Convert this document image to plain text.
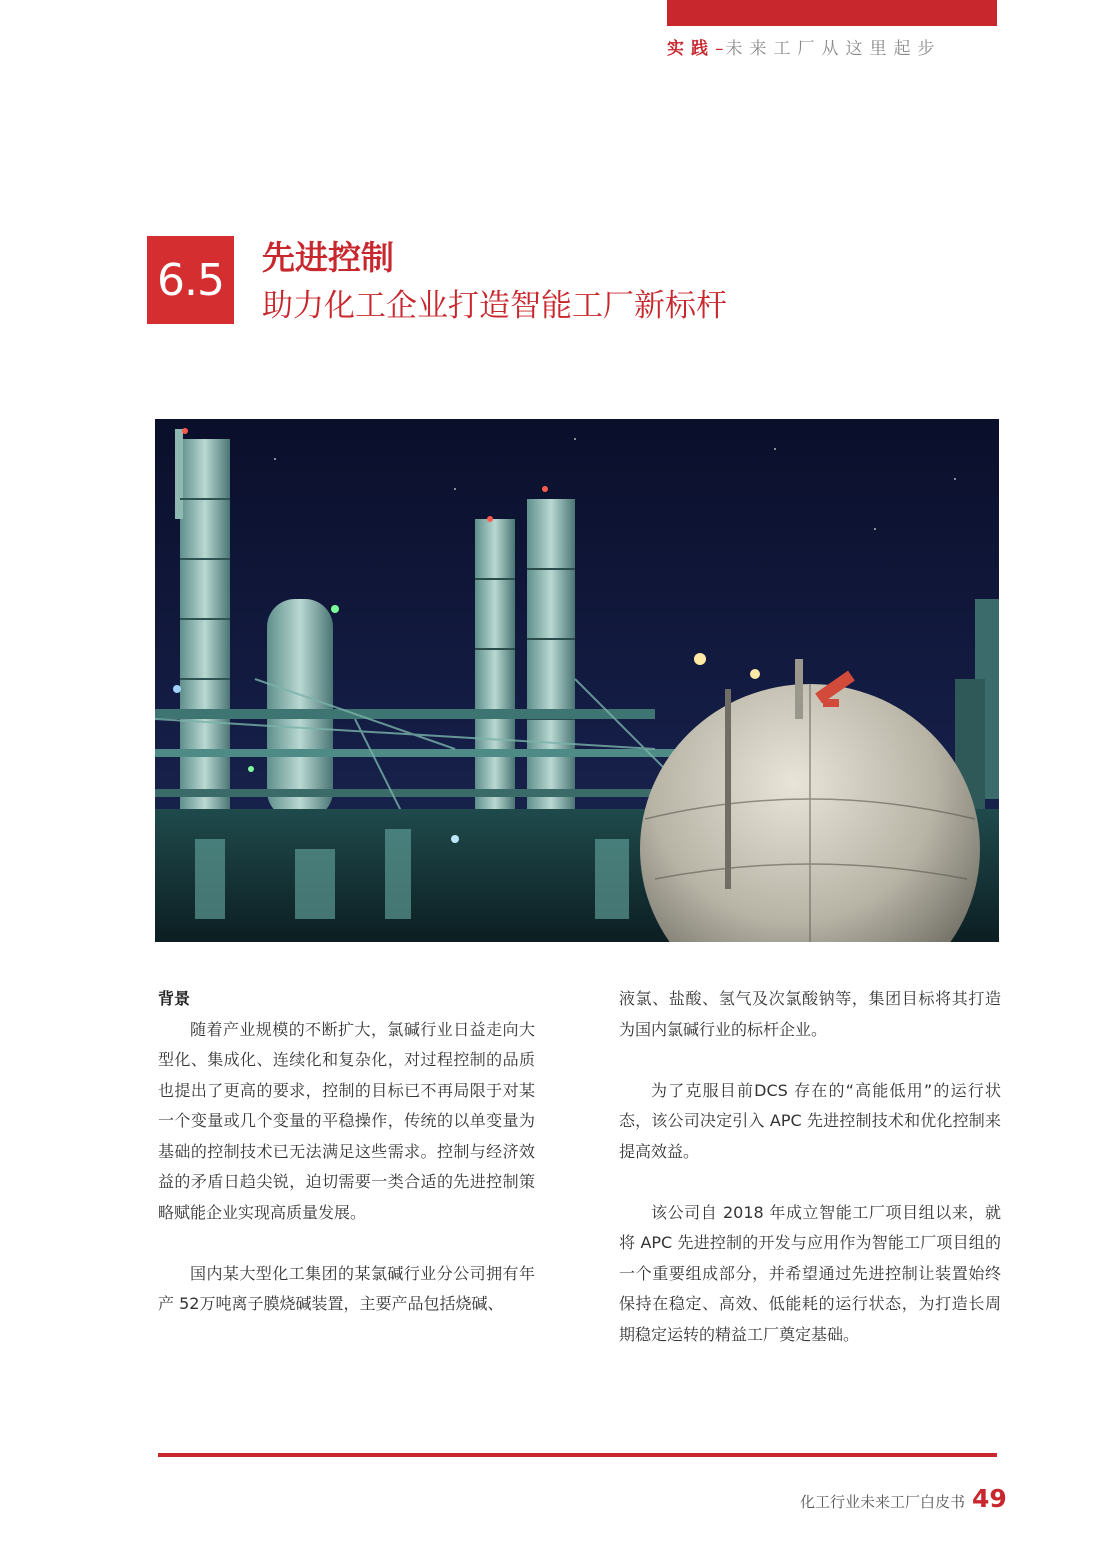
实践–未来工厂从这里起步
6.5 先进控制
助力化工企业打造智能工厂新标杆

背景

随着产业规模的不断扩大，氯碱行业日益走向大型化、集成化、连续化和复杂化，对过程控制的品质也提出了更高的要求，控制的目标已不再局限于对某一个变量或几个变量的平稳操作，传统的以单变量为基础的控制技术已无法满足这些需求。控制与经济效益的矛盾日趋尖锐，迫切需要一类合适的先进控制策略赋能企业实现高质量发展。

国内某大型化工集团的某氯碱行业分公司拥有年产 52万吨离子膜烧碱装置，主要产品包括烧碱、

液氯、盐酸、氢气及次氯酸钠等，集团目标将其打造为国内氯碱行业的标杆企业。

为了克服目前DCS 存在的“高能低用”的运行状态，该公司决定引入 APC 先进控制技术和优化控制来提高效益。

该公司自 2018 年成立智能工厂项目组以来，就将 APC 先进控制的开发与应用作为智能工厂项目组的一个重要组成部分，并希望通过先进控制让装置始终保持在稳定、高效、低能耗的运行状态，为打造长周期稳定运转的精益工厂奠定基础。

化工行业未来工厂白皮书 49
